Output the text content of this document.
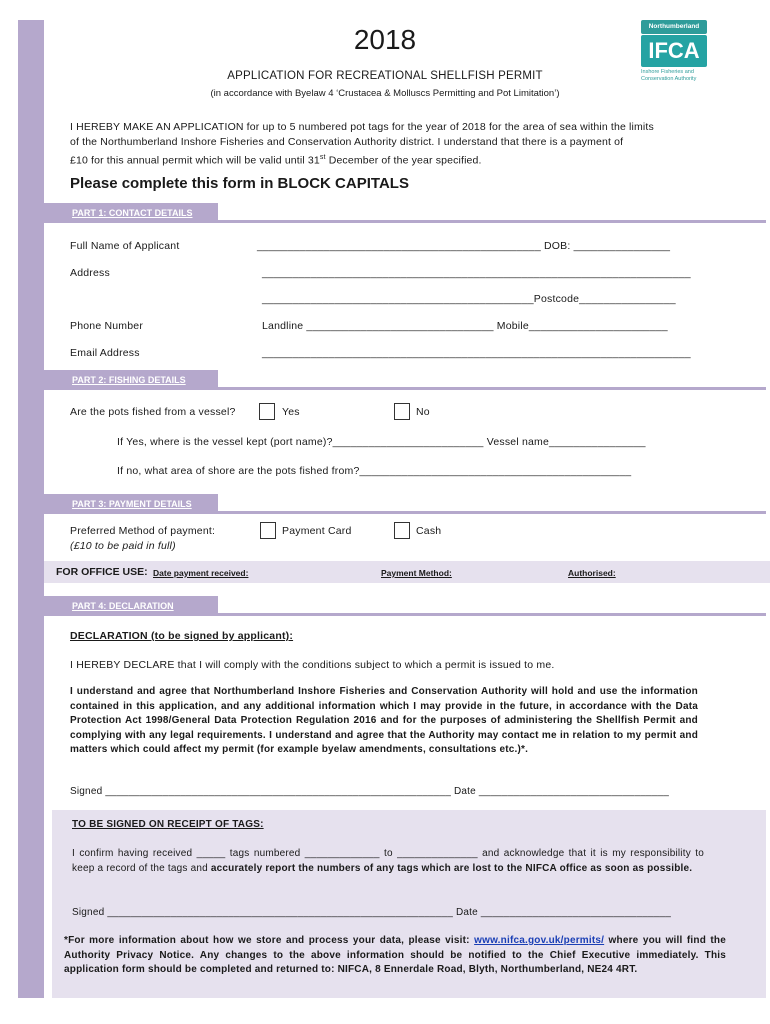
2018
APPLICATION FOR RECREATIONAL SHELLFISH PERMIT
(in accordance with Byelaw 4 ‘Crustacea & Molluscs Permitting and Pot Limitation’)
Northumberland
IFCA
Inshore Fisheries and
Conservation Authority
I HEREBY MAKE AN APPLICATION for up to 5 numbered pot tags for the year of 2018 for the area of sea within the limits
of the Northumberland Inshore Fisheries and Conservation Authority district. I understand that there is a payment of
£10 for this annual permit which will be valid until 31st December of the year specified.
Please complete this form in BLOCK CAPITALS
PART 1: CONTACT DETAILS
Full Name of Applicant	_______________________________________________ DOB: ________________
Address	_______________________________________________________________________
_____________________________________________Postcode________________
Phone Number	Landline _______________________________ Mobile_______________________
Email Address	_______________________________________________________________________
PART 2: FISHING DETAILS
Are the pots fished from a vessel?	Yes	No
If Yes, where is the vessel kept (port name)?_________________________ Vessel name________________
If no, what area of shore are the pots fished from?_____________________________________________
PART 3: PAYMENT DETAILS
Preferred Method of payment:
(£10 to be paid in full)
Payment Card	Cash
FOR OFFICE USE: Date payment received:	Payment Method:	Authorised:
PART 4: DECLARATION
DECLARATION (to be signed by applicant):
I HEREBY DECLARE that I will comply with the conditions subject to which a permit is issued to me.
I understand and agree that Northumberland Inshore Fisheries and Conservation Authority will hold and use the information contained in this application, and any additional information which I may provide in the future, in accordance with the Data Protection Act 1998/General Data Protection Regulation 2016 and for the purposes of administering the Shellfish Permit and complying with any legal requirements. I understand and agree that the Authority may contact me in relation to my permit and matters which could affect my permit (for example byelaw amendments, consultations etc.)*.
Signed ____________________________________________________________ Date _________________________________
TO BE SIGNED ON RECEIPT OF TAGS:
I confirm having received _____ tags numbered _____________ to ______________ and acknowledge that it is my responsibility to keep a record of the tags and accurately report the numbers of any tags which are lost to the NIFCA office as soon as possible.
Signed ____________________________________________________________ Date _________________________________
*For more information about how we store and process your data, please visit: www.nifca.gov.uk/permits/ where you will find the Authority Privacy Notice. Any changes to the above information should be notified to the Chief Executive immediately. This application form should be completed and returned to: NIFCA, 8 Ennerdale Road, Blyth, Northumberland, NE24 4RT.
